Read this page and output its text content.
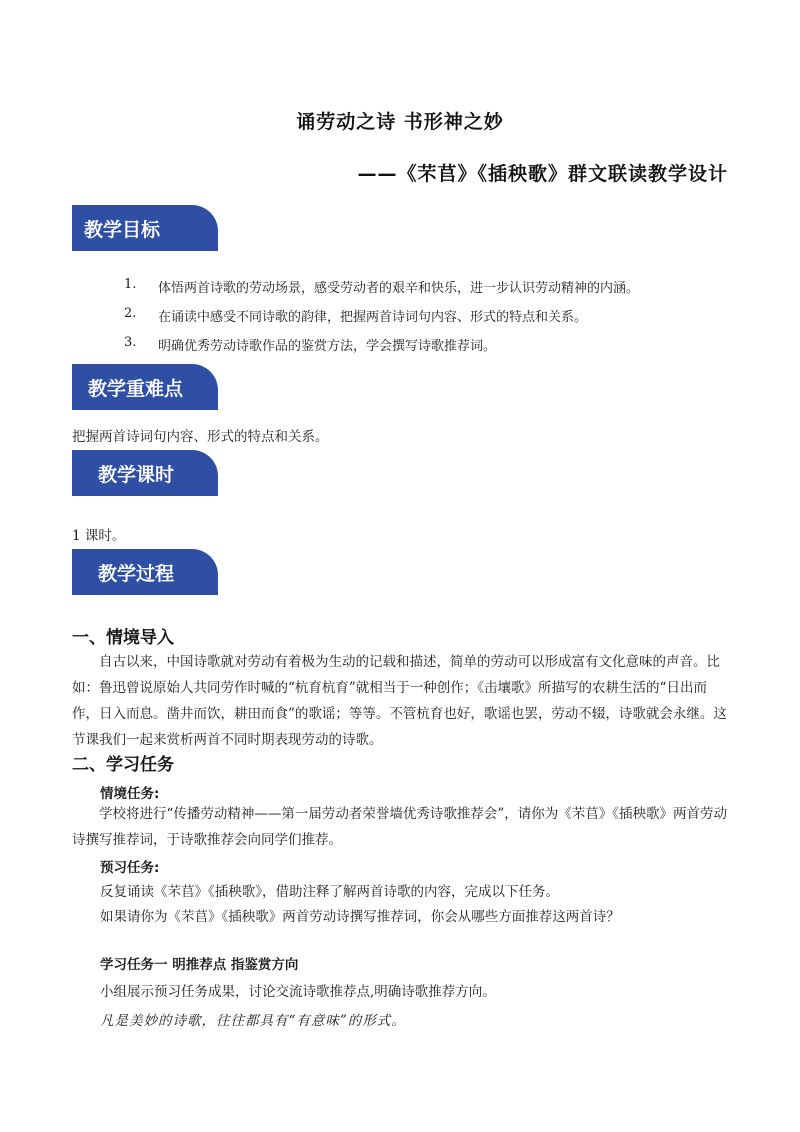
诵劳动之诗 书形神之妙
——《芣苢》《插秧歌》群文联读教学设计
教学目标
1.	体悟两首诗歌的劳动场景，感受劳动者的艰辛和快乐，进一步认识劳动精神的内涵。
2.	在诵读中感受不同诗歌的韵律，把握两首诗词句内容、形式的特点和关系。
3.	明确优秀劳动诗歌作品的鉴赏方法，学会撰写诗歌推荐词。
教学重难点
把握两首诗词句内容、形式的特点和关系。
教学课时
1 课时。
教学过程
一、情境导入
自古以来，中国诗歌就对劳动有着极为生动的记载和描述，简单的劳动可以形成富有文化意味的声音。比如：鲁迅曾说原始人共同劳作时喊的“杭育杭育”就相当于一种创作；《击壤歌》所描写的农耕生活的“日出而作，日入而息。凿井而饮，耕田而食”的歌谣；等等。不管杭育也好，歌谣也罢，劳动不辍，诗歌就会永继。这节课我们一起来赏析两首不同时期表现劳动的诗歌。
二、学习任务
情境任务:
学校将进行“传播劳动精神——第一届劳动者荣誉墙优秀诗歌推荐会”，请你为《芣苢》《插秧歌》两首劳动诗撰写推荐词，于诗歌推荐会向同学们推荐。
预习任务:
反复诵读《芣苢》《插秧歌》，借助注释了解两首诗歌的内容，完成以下任务。
如果请你为《芣苢》《插秧歌》两首劳动诗撰写推荐词，你会从哪些方面推荐这两首诗？
学习任务一 明推荐点 指鉴赏方向
小组展示预习任务成果，讨论交流诗歌推荐点,明确诗歌推荐方向。
凡是美妙的诗歌，往往都具有“有意味”的形式。
